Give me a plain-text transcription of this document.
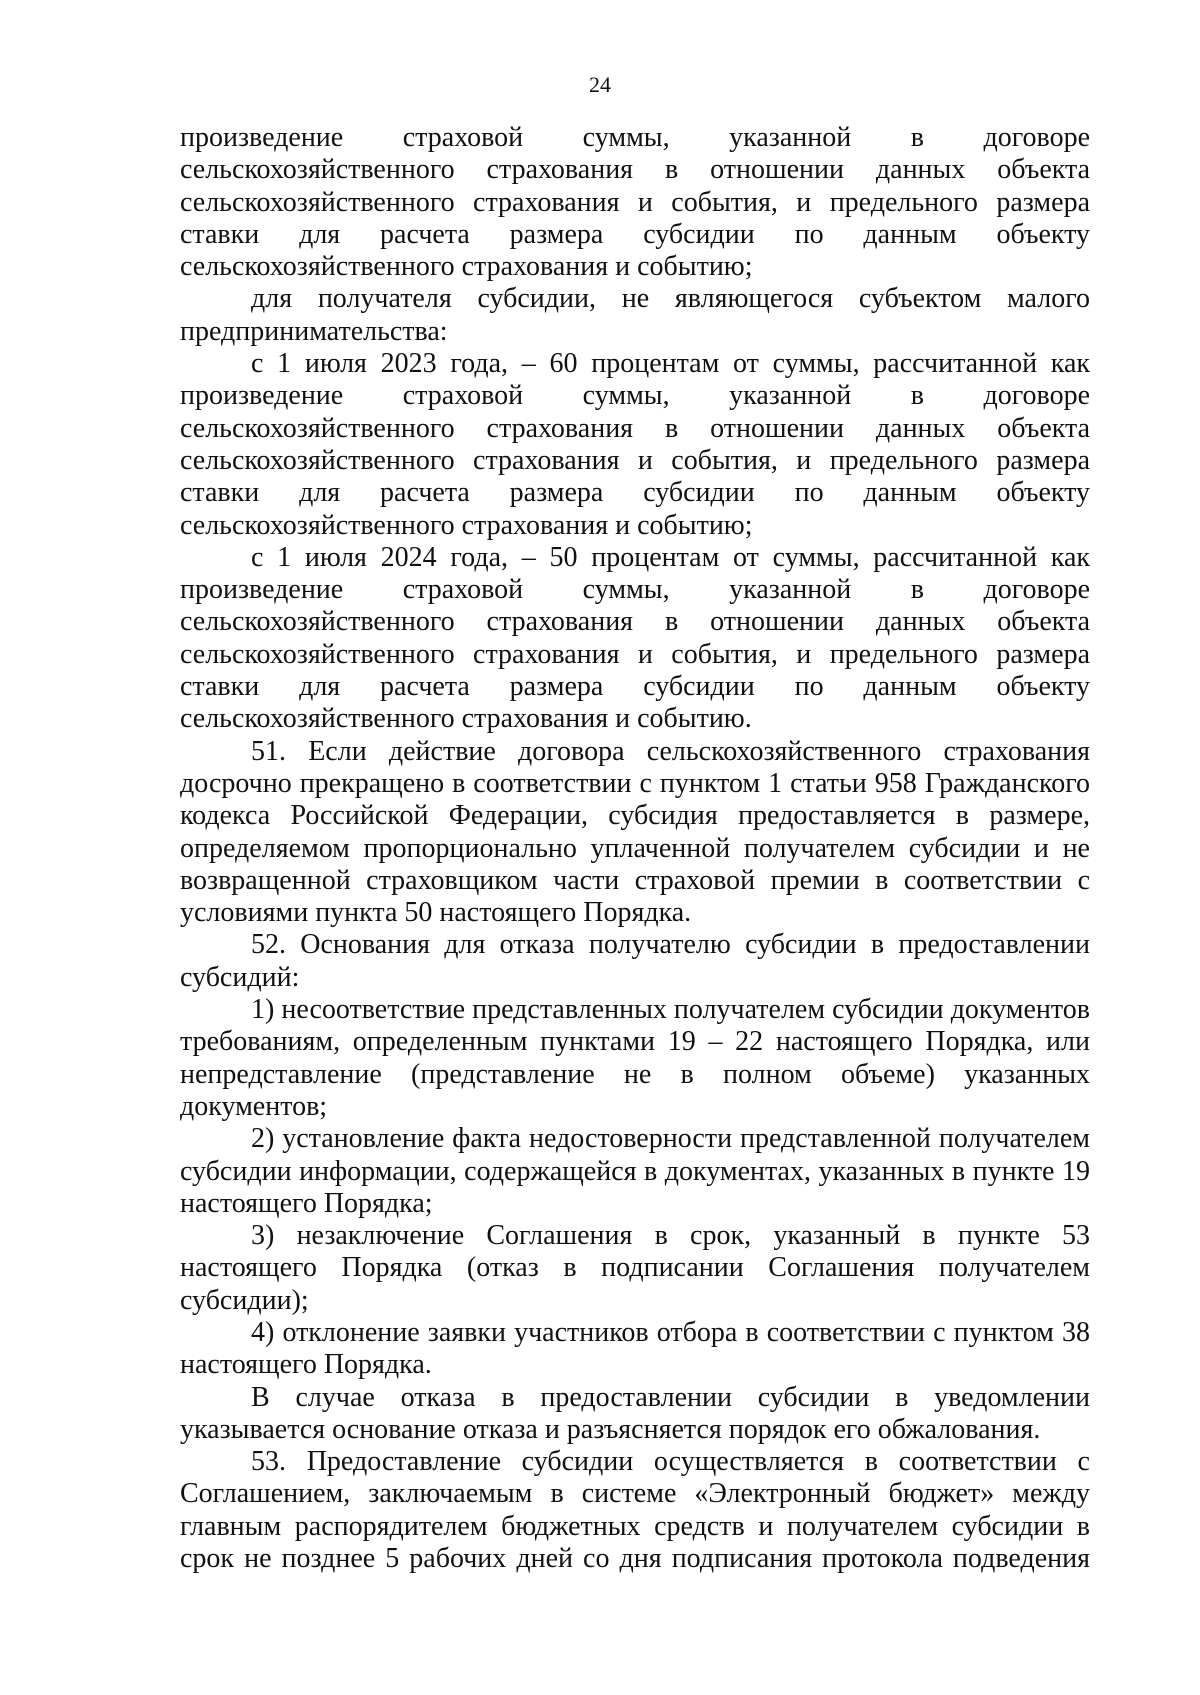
24

произведение страховой суммы, указанной в договоре сельскохозяйственного страхования в отношении данных объекта сельскохозяйственного страхования и события, и предельного размера ставки для расчета размера субсидии по данным объекту сельскохозяйственного страхования и событию;

для получателя субсидии, не являющегося субъектом малого предпринимательства:

с 1 июля 2023 года, – 60 процентам от суммы, рассчитанной как произведение страховой суммы, указанной в договоре сельскохозяйственного страхования в отношении данных объекта сельскохозяйственного страхования и события, и предельного размера ставки для расчета размера субсидии по данным объекту сельскохозяйственного страхования и событию;

с 1 июля 2024 года, – 50 процентам от суммы, рассчитанной как произведение страховой суммы, указанной в договоре сельскохозяйственного страхования в отношении данных объекта сельскохозяйственного страхования и события, и предельного размера ставки для расчета размера субсидии по данным объекту сельскохозяйственного страхования и событию.

51. Если действие договора сельскохозяйственного страхования досрочно прекращено в соответствии с пунктом 1 статьи 958 Гражданского кодекса Российской Федерации, субсидия предоставляется в размере, определяемом пропорционально уплаченной получателем субсидии и не возвращенной страховщиком части страховой премии в соответствии с условиями пункта 50 настоящего Порядка.

52. Основания для отказа получателю субсидии в предоставлении субсидий:

1) несоответствие представленных получателем субсидии документов требованиям, определенным пунктами 19 – 22 настоящего Порядка, или непредставление (представление не в полном объеме) указанных документов;

2) установление факта недостоверности представленной получателем субсидии информации, содержащейся в документах, указанных в пункте 19 настоящего Порядка;

3) незаключение Соглашения в срок, указанный в пункте 53 настоящего Порядка (отказ в подписании Соглашения получателем субсидии);

4) отклонение заявки участников отбора в соответствии с пунктом 38 настоящего Порядка.

В случае отказа в предоставлении субсидии в уведомлении указывается основание отказа и разъясняется порядок его обжалования.

53. Предоставление субсидии осуществляется в соответствии с Соглашением, заключаемым в системе «Электронный бюджет» между главным распорядителем бюджетных средств и получателем субсидии в срок не позднее 5 рабочих дней со дня подписания протокола подведения
